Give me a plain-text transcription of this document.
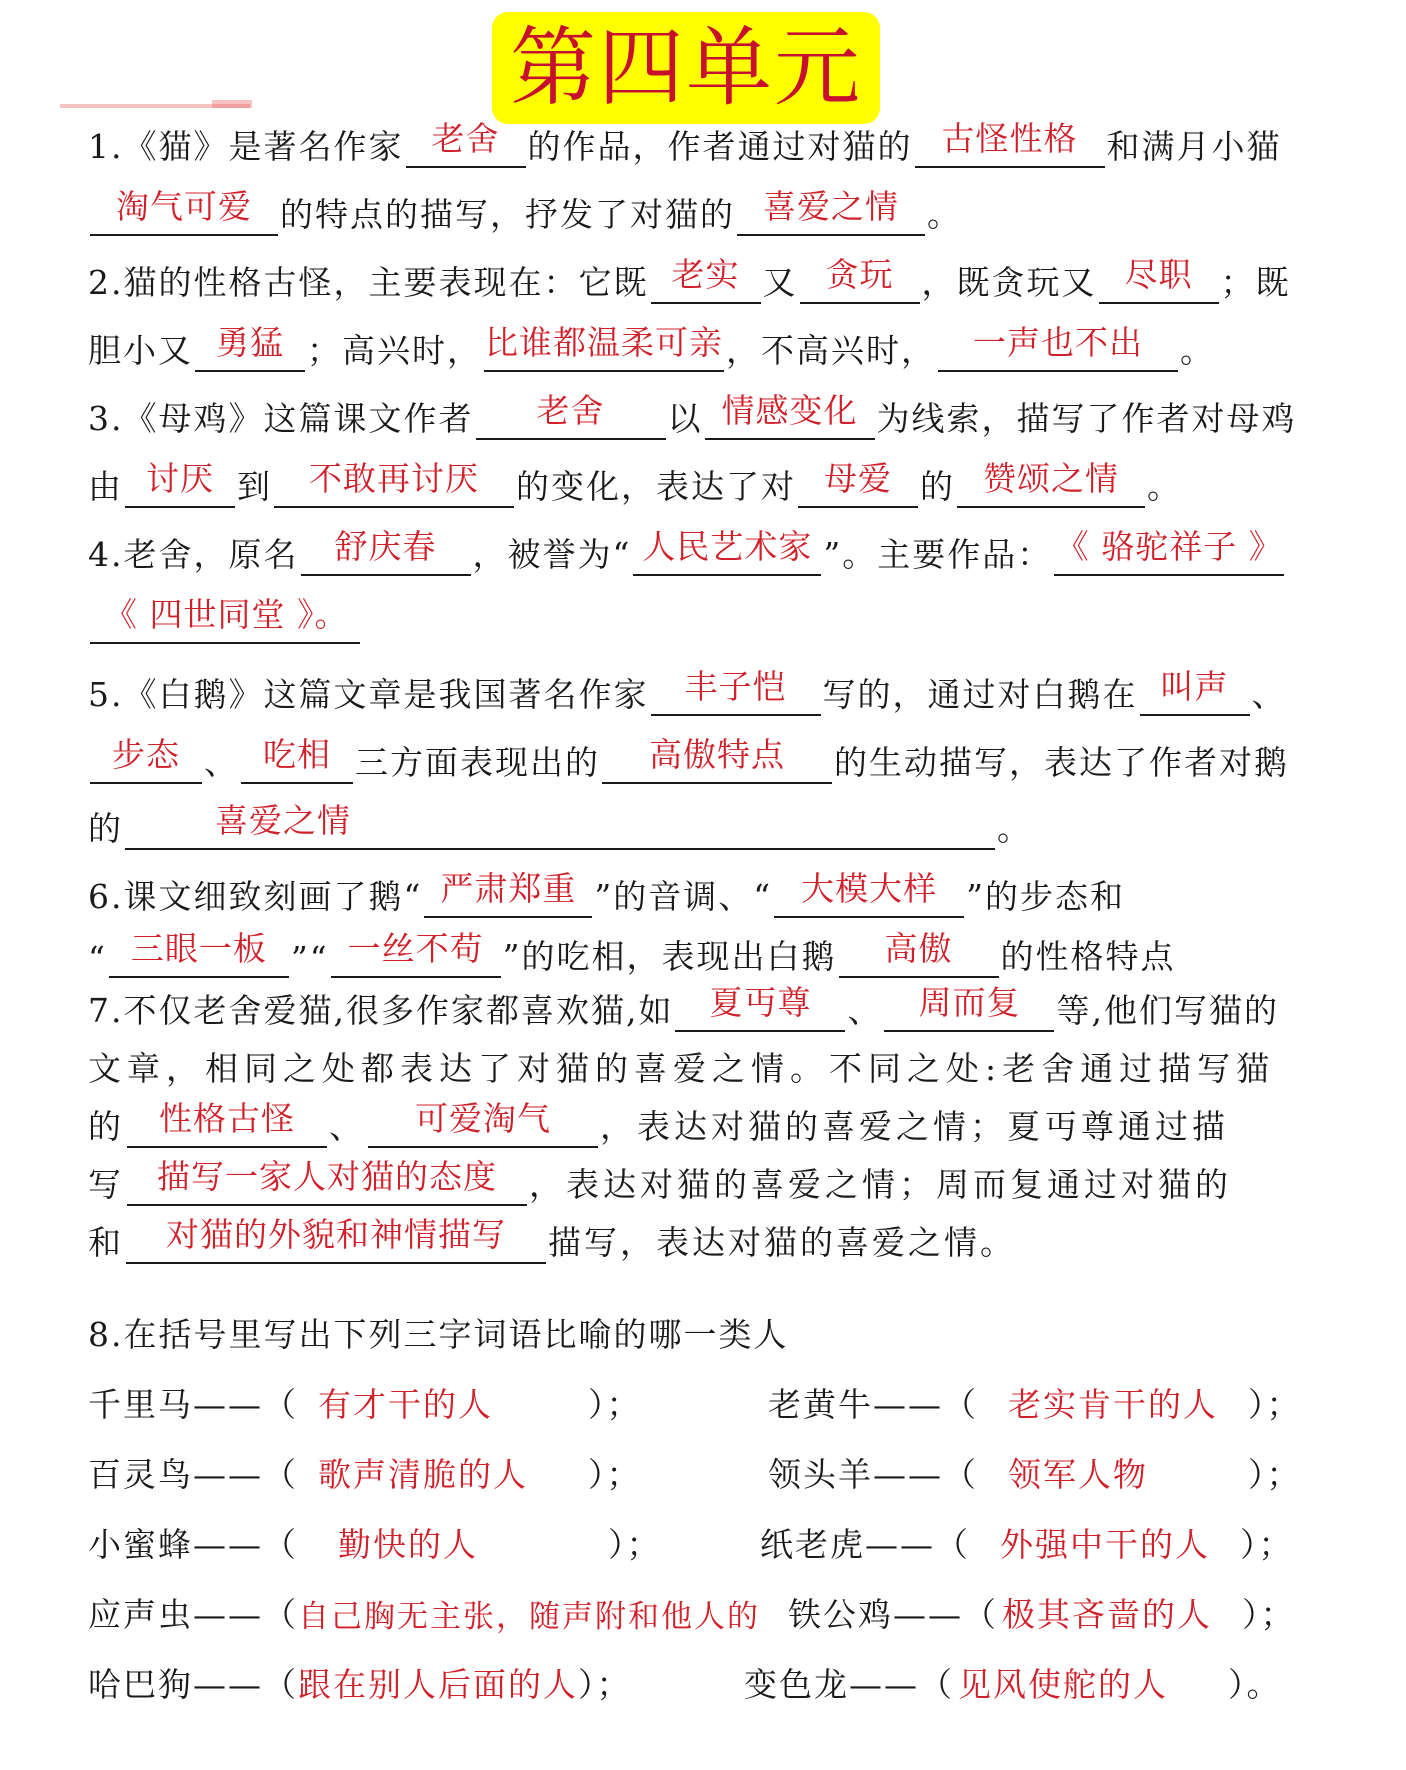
第四单元
1.《猫》是著名作家 老舍 的作品，作者通过对猫的 古怪性格 和满月小猫
淘气可爱 的特点的描写，抒发了对猫的 喜爱之情 。
2.猫的性格古怪，主要表现在：它既 老实 又 贪玩 ，既贪玩又 尽职 ；既
胆小又 勇猛 ；高兴时， 比谁都温柔可亲 ，不高兴时，	一声也不出	。
3.《母鸡》这篇课文作者	老舍	以 情感变化 为线索，描写了作者对母鸡
由 讨厌 到	不敢再讨厌	的变化，表达了对 母爱 的 赞颂之情 。
4.老舍，原名	舒庆春	，被誉为“ 人民艺术家 ”。主要作品： 《 骆驼祥子 》
《 四世同堂 》。
5.《白鹅》这篇文章是我国著名作家	丰子恺	写的，通过对白鹅在 叫声 、
步态 、 吃相 三方面表现出的	高傲特点	的生动描写，表达了作者对鹅
的	喜爱之情	。
6.课文细致刻画了鹅“ 严肃郑重 ”的音调、“ 大模大样 ”的步态和
“ 三眼一板 ”“ 一丝不苟 ”的吃相，表现出白鹅	高傲	的性格特点
7.不仅老舍爱猫,很多作家都喜欢猫,如	夏丏尊	、	周而复	等,他们写猫的
文章，相同之处都表达了对猫的喜爱之情。不同之处:老舍通过描写猫
的	性格古怪	、	可爱淘气	，表达对猫的喜爱之情；夏丏尊通过描
写 描写一家人对猫的态度 ，表达对猫的喜爱之情；周而复通过对猫的
和	对猫的外貌和神情描写	描写，表达对猫的喜爱之情。
8.在括号里写出下列三字词语比喻的哪一类人
千里马——（ 有才干的人	）；	老黄牛——（ 老实肯干的人 ）；
百灵鸟——（ 歌声清脆的人	）；	领头羊——（ 领军人物	）；
小蜜蜂——（	勤快的人	）；	纸老虎——（ 外强中干的人 ）；
应声虫——（ 自己胸无主张，随声附和他人的 铁公鸡——（ 极其吝啬的人 ）；
哈巴狗——（ 跟在别人后面的人 ）；	变色龙——（ 见风使舵的人	）。
